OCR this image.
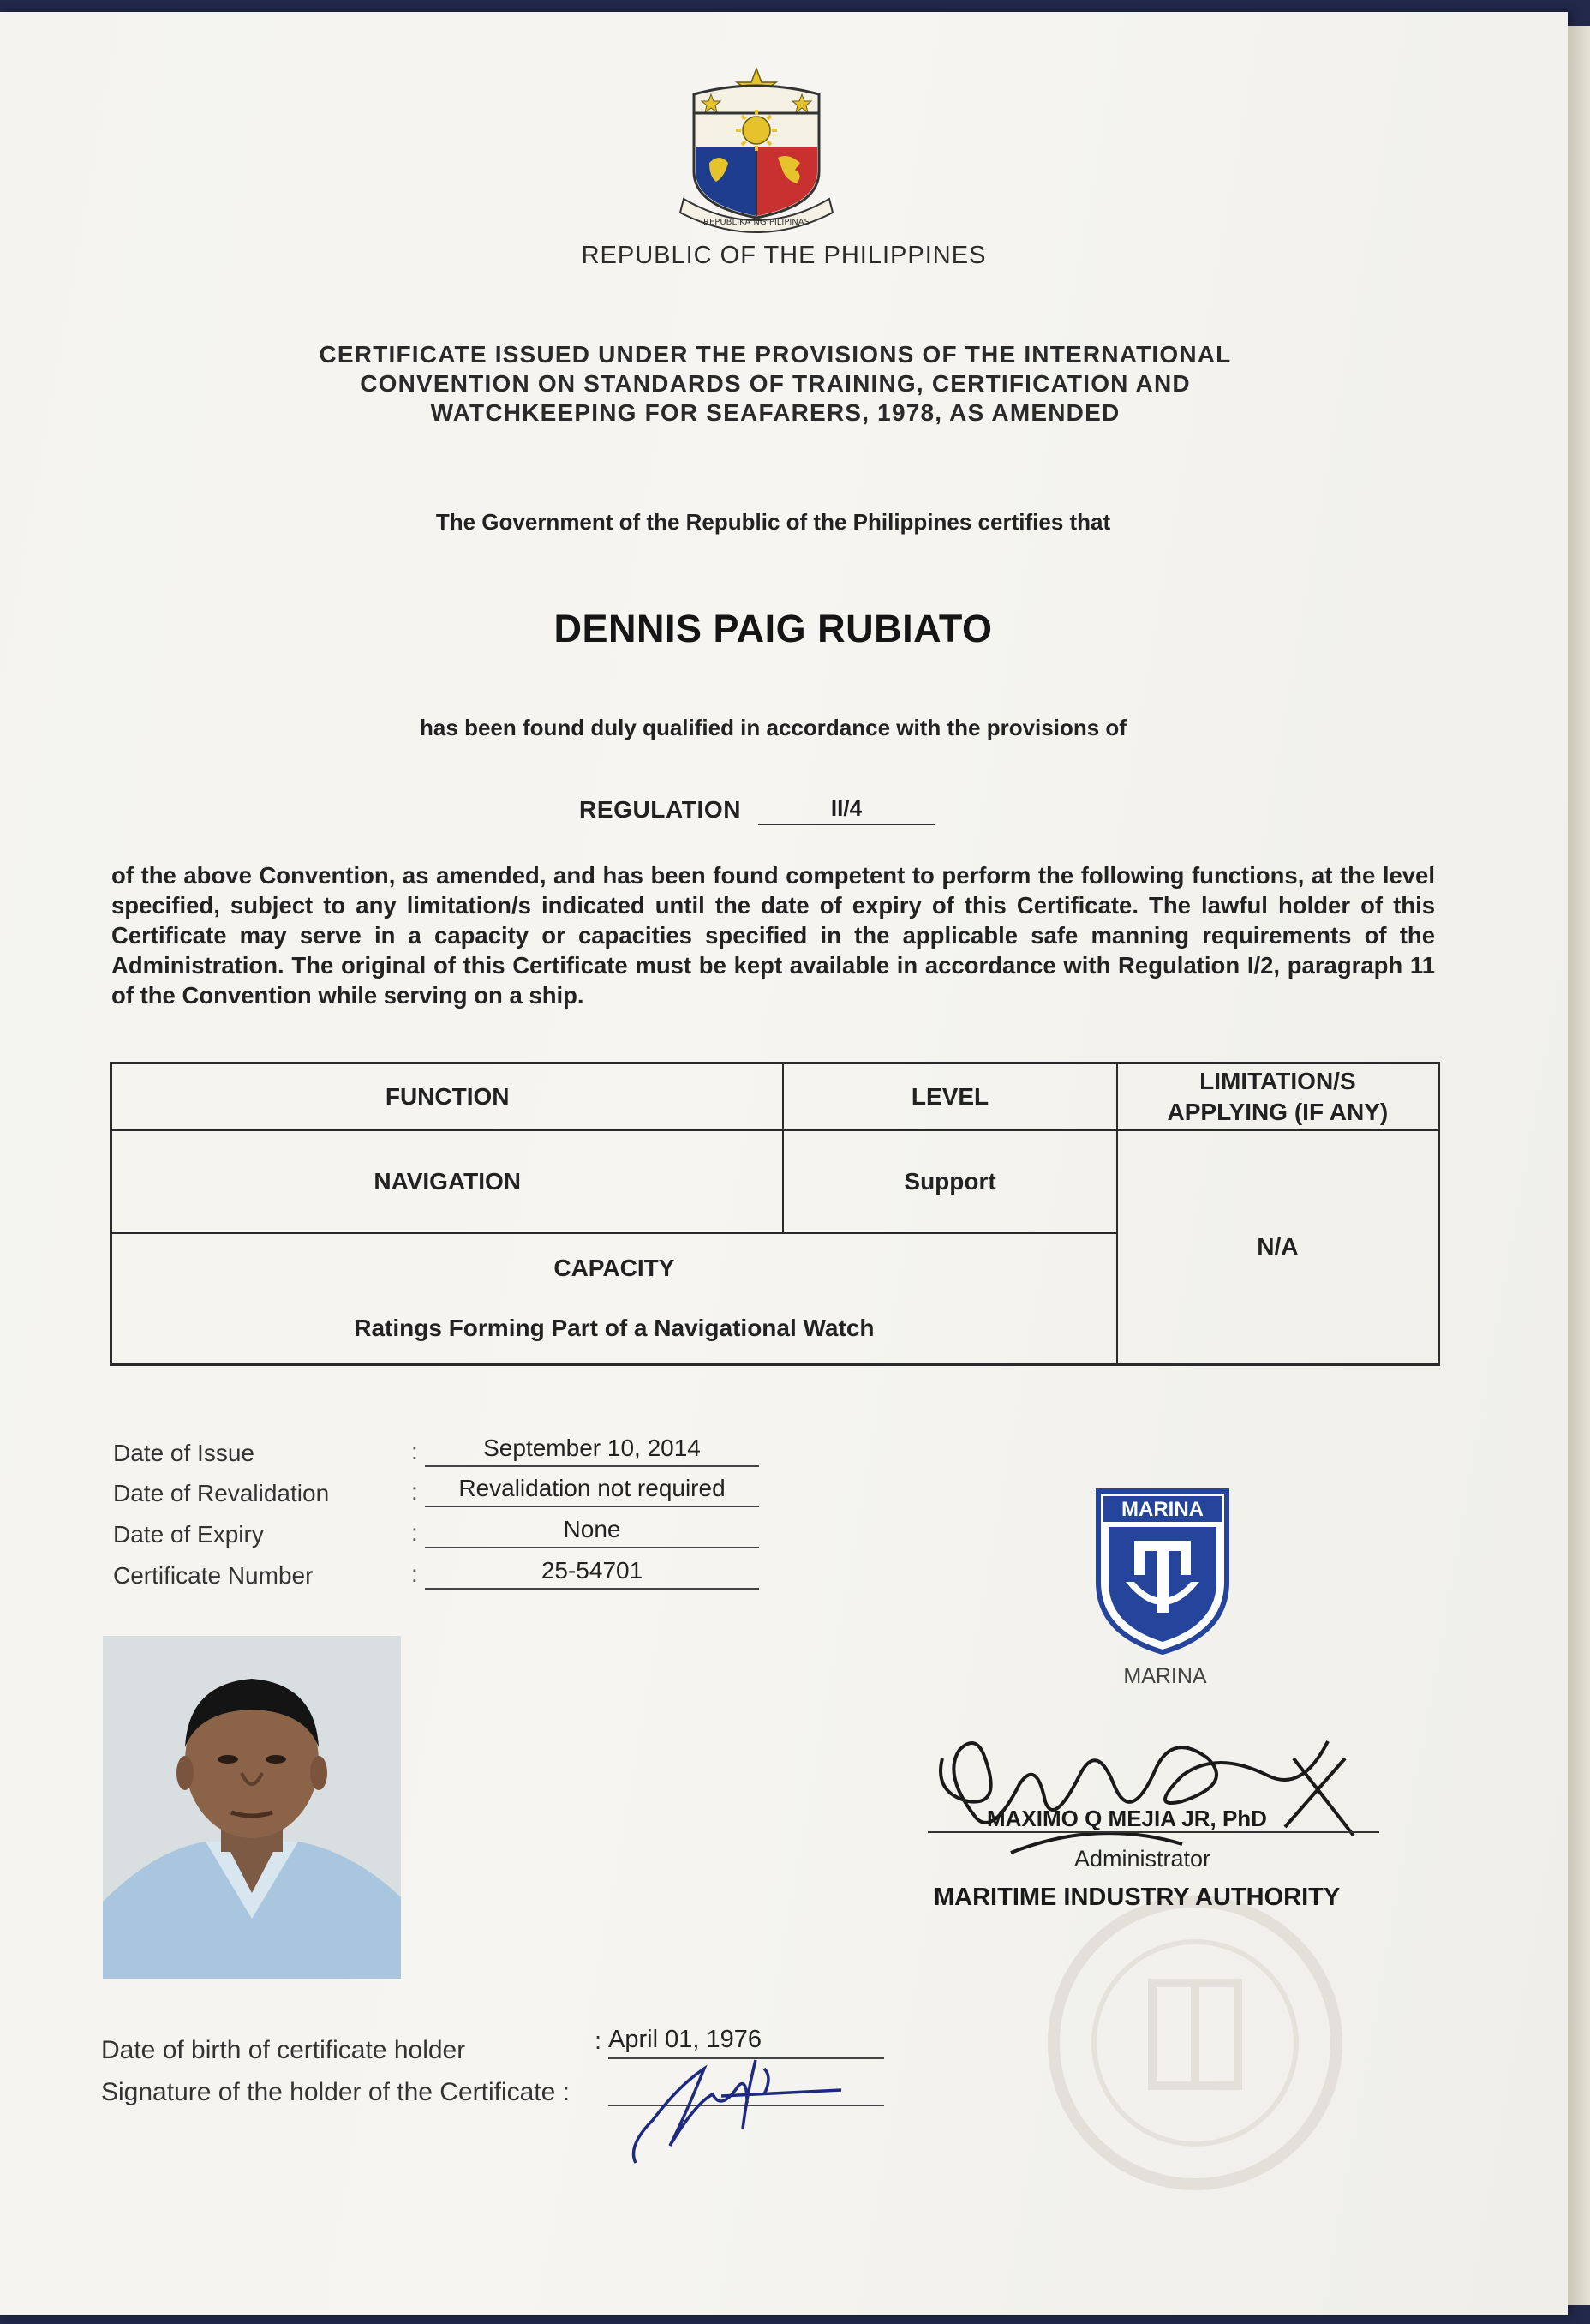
REPUBLIKA NG PILIPINAS
REPUBLIC OF THE PHILIPPINES
CERTIFICATE ISSUED UNDER THE PROVISIONS OF THE INTERNATIONAL
CONVENTION ON STANDARDS OF TRAINING, CERTIFICATION AND
WATCHKEEPING FOR SEAFARERS, 1978, AS AMENDED
The Government of the Republic of the Philippines certifies that
DENNIS PAIG RUBIATO
has been found duly qualified in accordance with the provisions of
REGULATION	II/4
of the above Convention, as amended, and has been found competent to perform the following functions, at the level specified, subject to any limitation/s indicated until the date of expiry of this Certificate. The lawful holder of this Certificate may serve in a capacity or capacities specified in the applicable safe manning requirements of the Administration. The original of this Certificate must be kept available in accordance with Regulation I/2, paragraph 11 of the Convention while serving on a ship.
FUNCTION	LEVEL	LIMITATION/S
APPLYING (IF ANY)
NAVIGATION	Support	N/A

CAPACITY
Ratings Forming Part of a Navigational Watch		
Date of Issue	:	September 10, 2014
Date of Revalidation	:	Revalidation not required
Date of Expiry	:	None
Certificate Number	:	25-54701
MARINA
MARINA
MAXIMO Q MEJIA JR, PhD
Administrator
MARITIME INDUSTRY AUTHORITY
Date of birth of certificate holder	: April 01, 1976
Signature of the holder of the Certificate :
